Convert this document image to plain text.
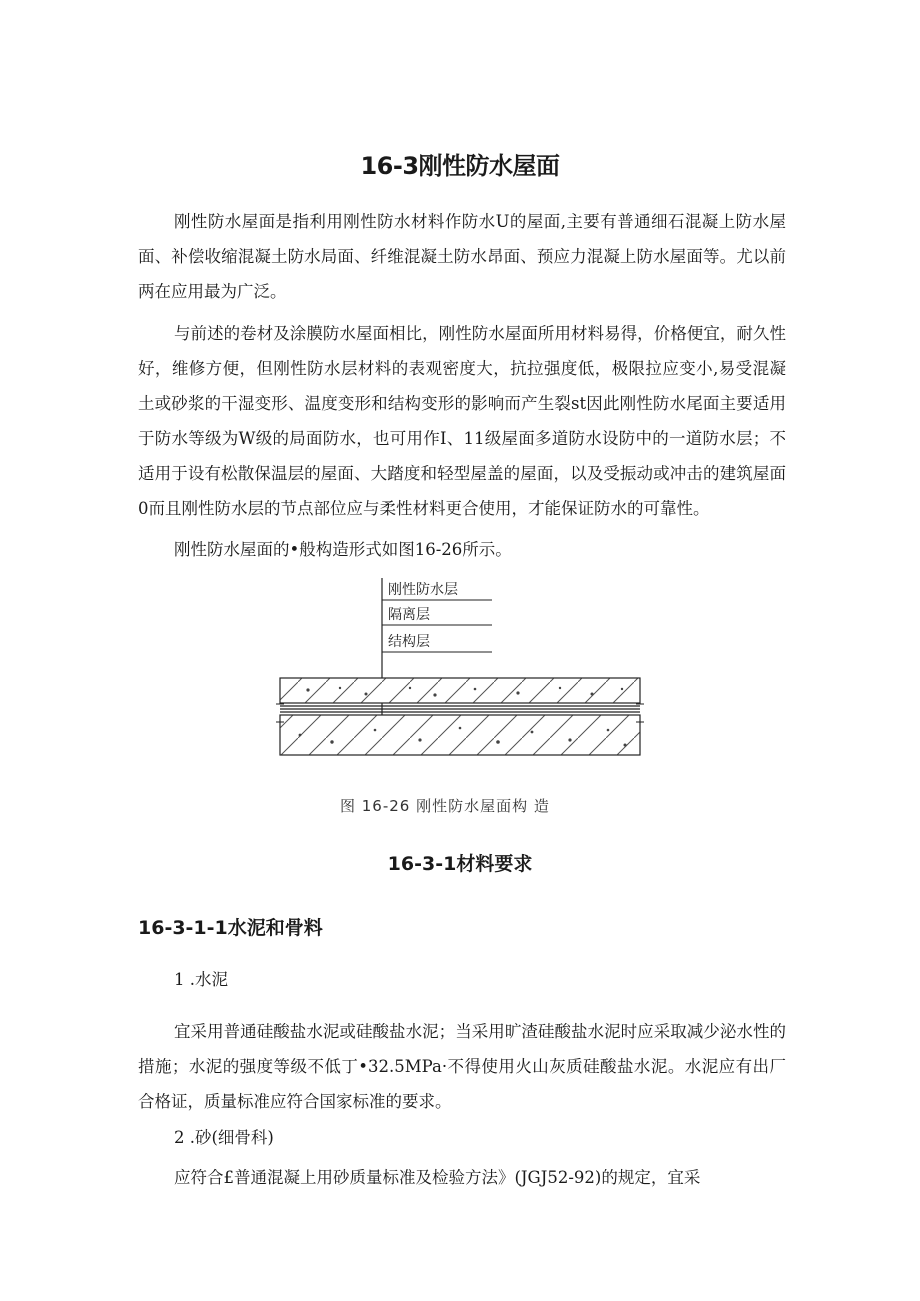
16-3刚性防水屋面

刚性防水屋面是指利用刚性防水材料作防水U的屋面,主要有普通细石混凝上防水屋面、补偿收缩混凝土防水局面、纤维混凝土防水昂面、预应力混凝上防水屋面等。尤以前两在应用最为广泛。

与前述的卷材及涂膜防水屋面相比，刚性防水屋面所用材料易得，价格便宜，耐久性好，维修方便，但刚性防水层材料的表观密度大，抗拉强度低，极限拉应变小,易受混凝土或砂浆的干湿变形、温度变形和结构变形的影响而产生裂st因此刚性防水尾面主要适用于防水等级为W级的局面防水，也可用作I、11级屋面多道防水设防中的一道防水层；不适用于设有松散保温层的屋面、大踏度和轻型屋盖的屋面，以及受振动或冲击的建筑屋面0而且刚性防水层的节点部位应与柔性材料更合使用，才能保证防水的可靠性。

刚性防水屋面的•般构造形式如图16-26所示。

刚性防水层
隔离层
结构层
图 16-26 刚性防水屋面构 造
16-3-1材料要求
16-3-1-1水泥和骨料
1 .水泥

宜采用普通硅酸盐水泥或硅酸盐水泥；当采用旷渣硅酸盐水泥时应采取减少泌水性的措施；水泥的强度等级不低丁•32.5MPa·不得使用火山灰质硅酸盐水泥。水泥应有出厂合格证，质量标准应符合国家标准的要求。

2 .砂(细骨科)

应符合£普通混凝上用砂质量标准及检验方法》(JGJ52-92)的规定，宜采
